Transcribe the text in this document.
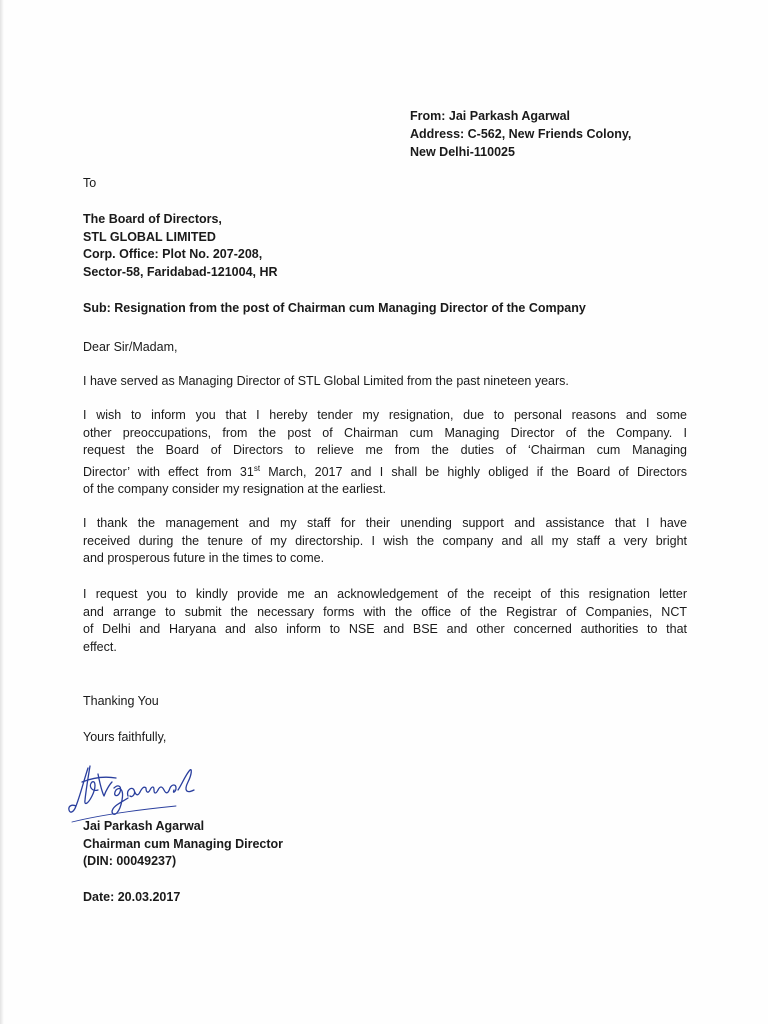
From: Jai Parkash Agarwal
Address: C-562, New Friends Colony,
New Delhi-110025
To
The Board of Directors,
STL GLOBAL LIMITED
Corp. Office: Plot No. 207-208,
Sector-58, Faridabad-121004, HR
Sub: Resignation from the post of Chairman cum Managing Director of the Company
Dear Sir/Madam,
I have served as Managing Director of STL Global Limited from the past nineteen years.
I wish to inform you that I hereby tender my resignation, due to personal reasons and some
other preoccupations, from the post of Chairman cum Managing Director of the Company. I
request the Board of Directors to relieve me from the duties of ‘Chairman cum Managing
Director’ with effect from 31st March, 2017 and I shall be highly obliged if the Board of Directors
of the company consider my resignation at the earliest.
I thank the management and my staff for their unending support and assistance that I have
received during the tenure of my directorship. I wish the company and all my staff a very bright
and prosperous future in the times to come.
I request you to kindly provide me an acknowledgement of the receipt of this resignation letter
and arrange to submit the necessary forms with the office of the Registrar of Companies, NCT
of Delhi and Haryana and also inform to NSE and BSE and other concerned authorities to that
effect.
Thanking You
Yours faithfully,
Jai Parkash Agarwal
Chairman cum Managing Director
(DIN: 00049237)
Date: 20.03.2017
